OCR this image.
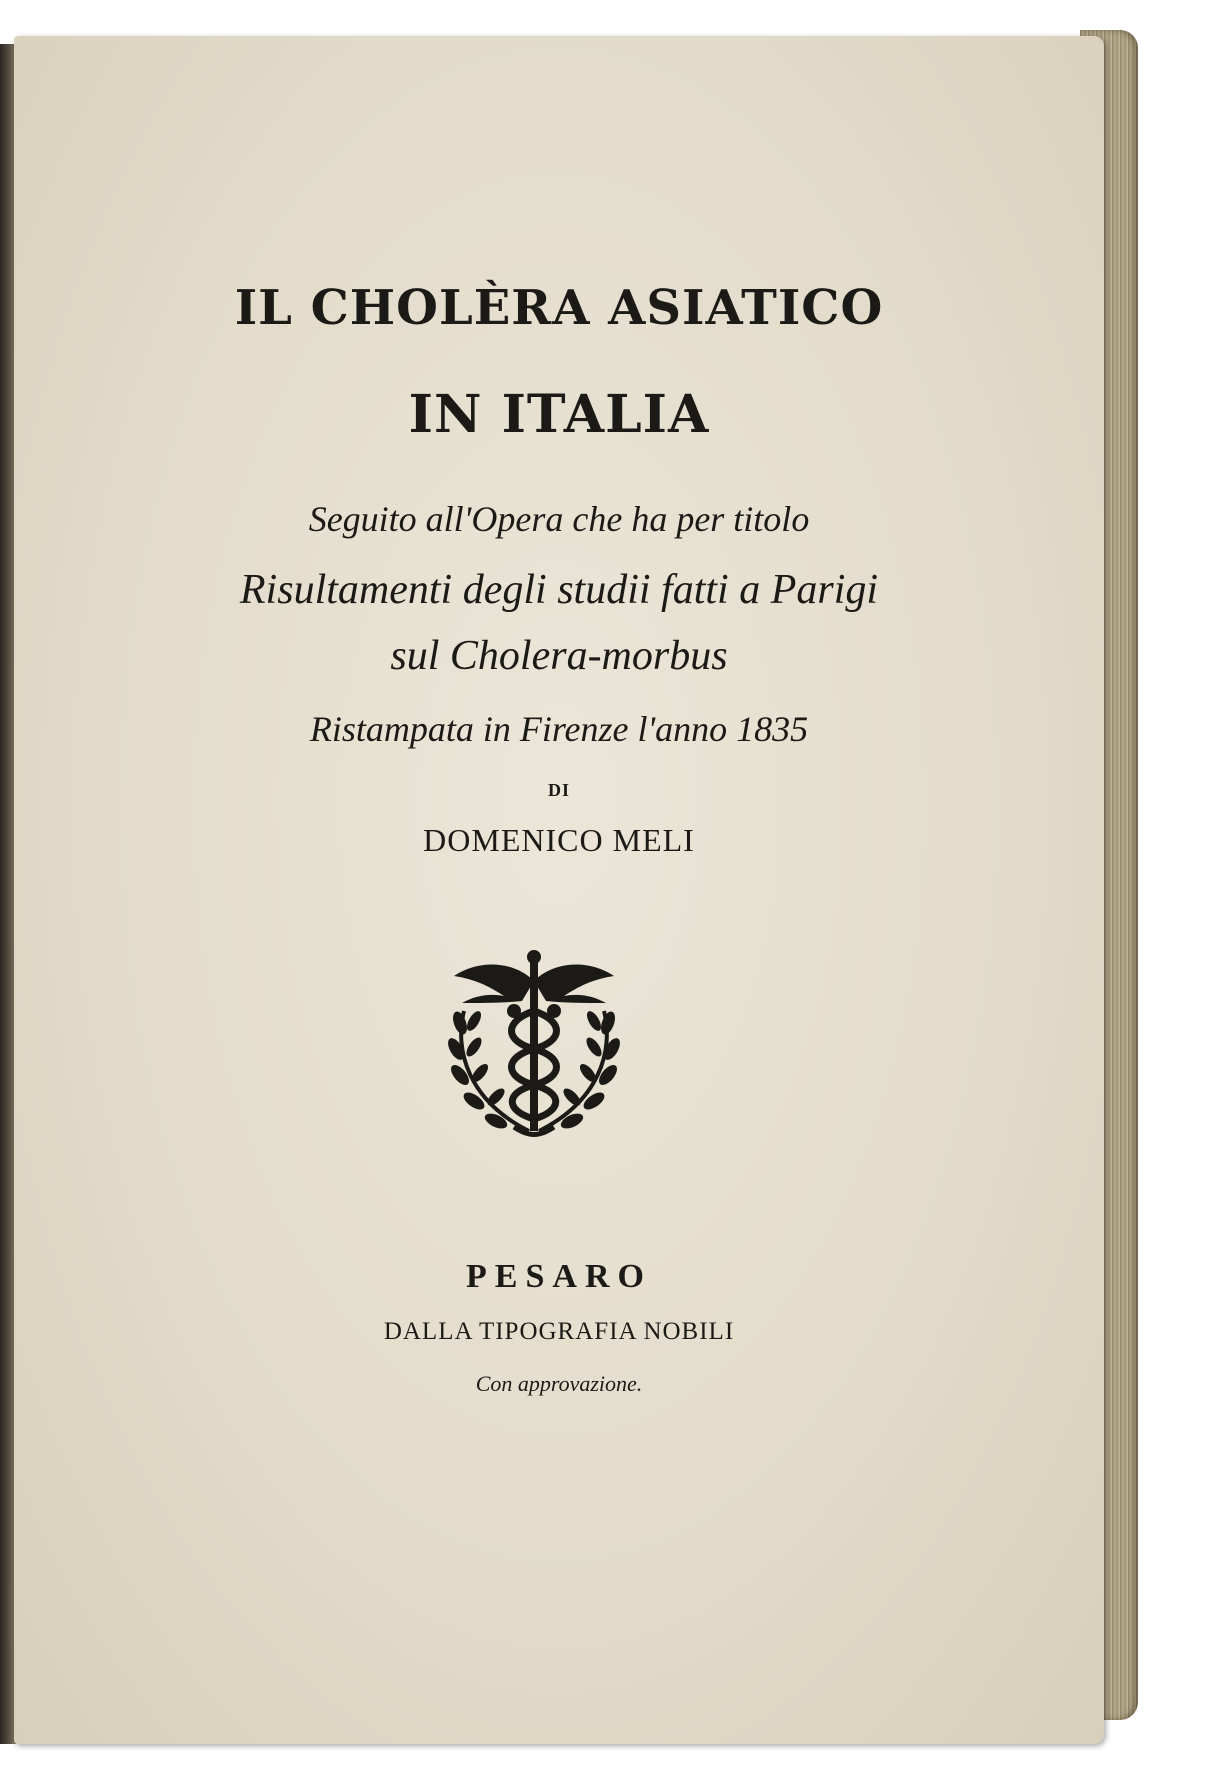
IL CHOLÈRA ASIATICO
IN ITALIA
Seguito all'Opera che ha per titolo
Risultamenti degli studii fatti a Parigi
sul Cholera-morbus
Ristampata in Firenze l'anno 1835
DI
DOMENICO MELI
PESARO
DALLA TIPOGRAFIA NOBILI
Con approvazione.
